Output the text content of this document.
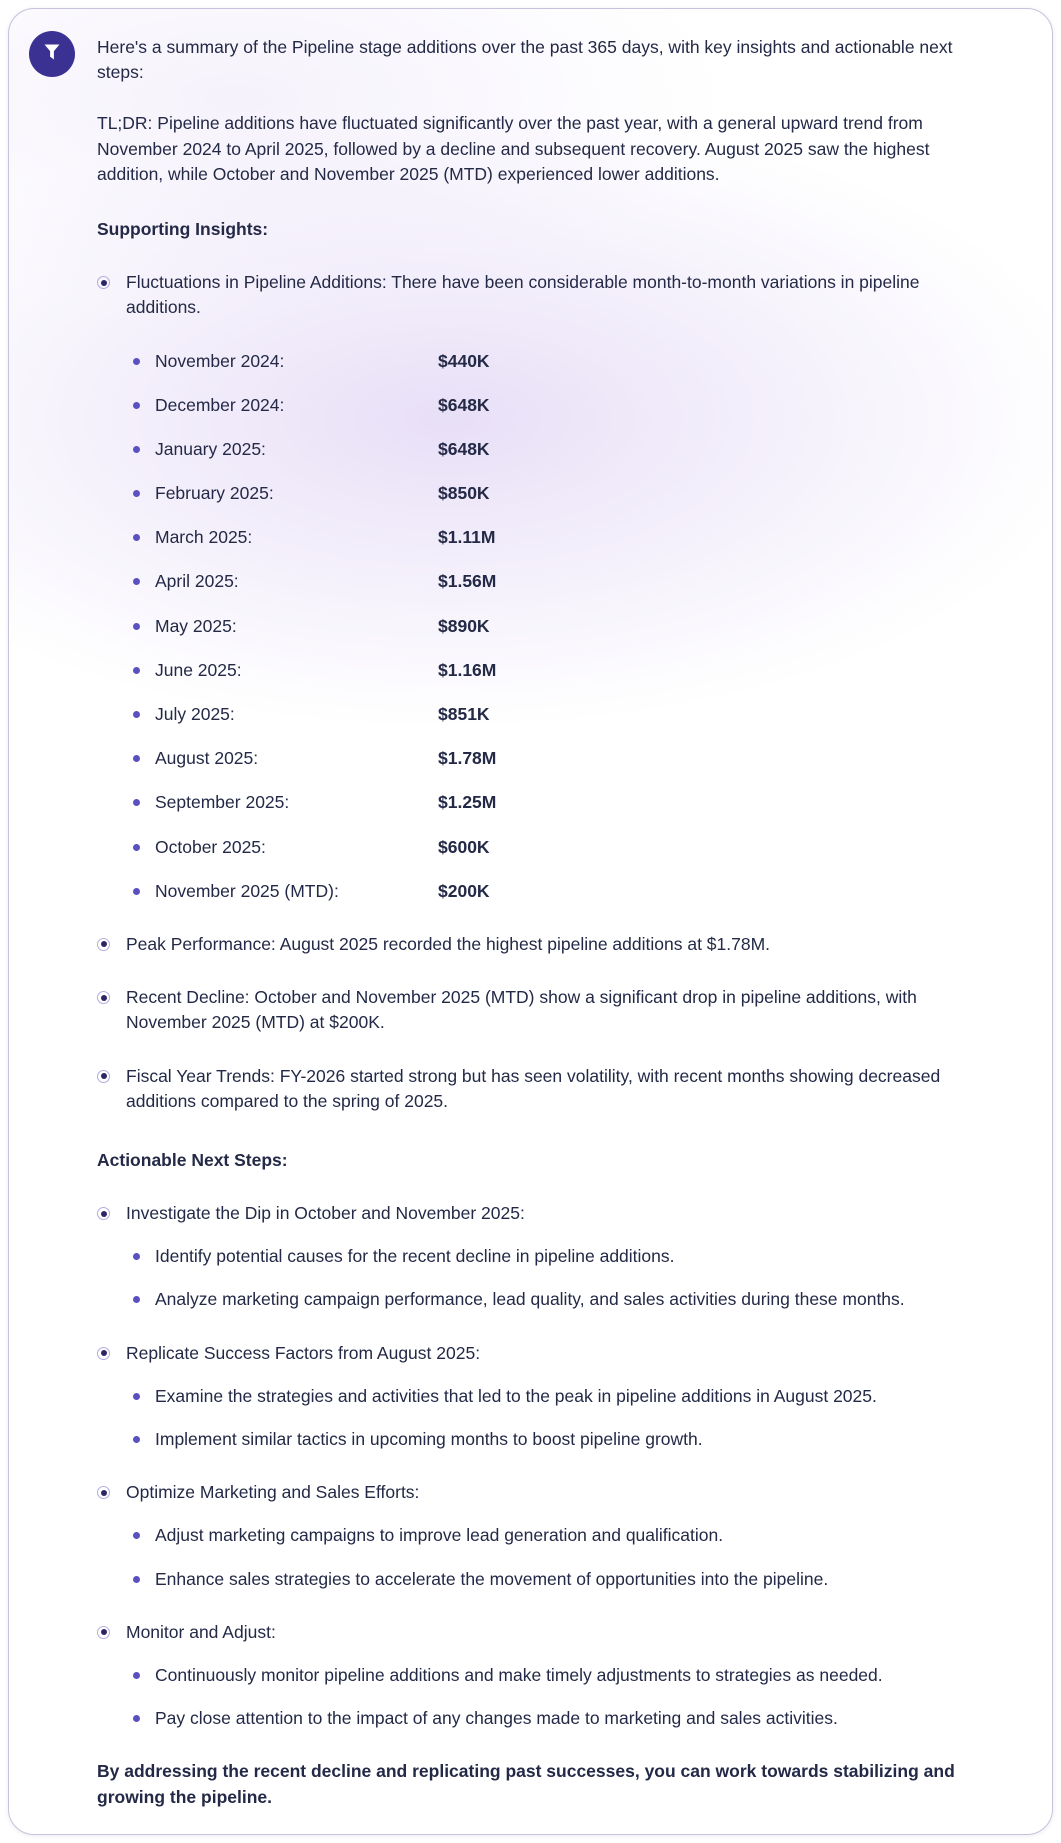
Here's a summary of the Pipeline stage additions over the past 365 days, with key insights and actionable next steps:

TL;DR: Pipeline additions have fluctuated significantly over the past year, with a general upward trend from November 2024 to April 2025, followed by a decline and subsequent recovery. August 2025 saw the highest addition, while October and November 2025 (MTD) experienced lower additions.

Supporting Insights:
Fluctuations in Pipeline Additions: There have been considerable month-to-month variations in pipeline additions.
November 2024:	$440K
December 2024:	$648K
January 2025:	$648K
February 2025:	$850K
March 2025:	$1.11M
April 2025:	$1.56M
May 2025:	$890K
June 2025:	$1.16M
July 2025:	$851K
August 2025:	$1.78M
September 2025:	$1.25M
October 2025:	$600K
November 2025 (MTD):	$200K
Peak Performance: August 2025 recorded the highest pipeline additions at $1.78M.
Recent Decline: October and November 2025 (MTD) show a significant drop in pipeline additions, with November 2025 (MTD) at $200K.
Fiscal Year Trends: FY-2026 started strong but has seen volatility, with recent months showing decreased additions compared to the spring of 2025.
Actionable Next Steps:
Investigate the Dip in October and November 2025:
Identify potential causes for the recent decline in pipeline additions.
Analyze marketing campaign performance, lead quality, and sales activities during these months.
Replicate Success Factors from August 2025:
Examine the strategies and activities that led to the peak in pipeline additions in August 2025.
Implement similar tactics in upcoming months to boost pipeline growth.
Optimize Marketing and Sales Efforts:
Adjust marketing campaigns to improve lead generation and qualification.
Enhance sales strategies to accelerate the movement of opportunities into the pipeline.
Monitor and Adjust:
Continuously monitor pipeline additions and make timely adjustments to strategies as needed.
Pay close attention to the impact of any changes made to marketing and sales activities.

By addressing the recent decline and replicating past successes, you can work towards stabilizing and growing the pipeline.
